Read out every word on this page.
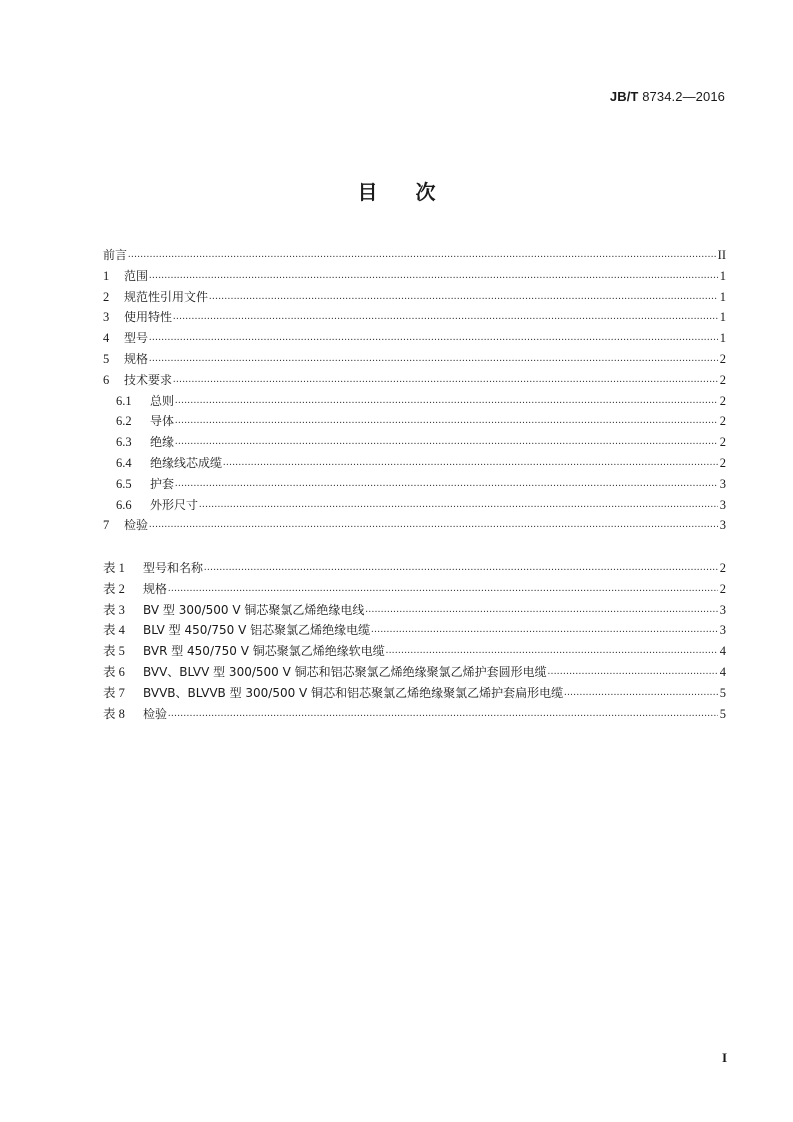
JB/T 8734.2—2016
目次
前言 .....	II
1	范围 .....	1
2	规范性引用文件 .....	1
3	使用特性 .....	1
4	型号 .....	1
5	规格 .....	2
6	技术要求 .....	2
6.1	总则 .....	2
6.2	导体 .....	2
6.3	绝缘 .....	2
6.4	绝缘线芯成缆 .....	2
6.5	护套 .....	3
6.6	外形尺寸 .....	3
7	检验 .....	3
表 1	型号和名称 .....	2
表 2	规格 .....	2
表 3	BV 型 300/500 V 铜芯聚氯乙烯绝缘电线 .....	3
表 4	BLV 型 450/750 V 铝芯聚氯乙烯绝缘电缆 .....	3
表 5	BVR 型 450/750 V 铜芯聚氯乙烯绝缘软电缆 .....	4
表 6	BVV、BLVV 型 300/500 V 铜芯和铝芯聚氯乙烯绝缘聚氯乙烯护套圆形电缆 .....	4
表 7	BVVB、BLVVB 型 300/500 V 铜芯和铝芯聚氯乙烯绝缘聚氯乙烯护套扁形电缆 .....	5
表 8	检验 .....	5
I
